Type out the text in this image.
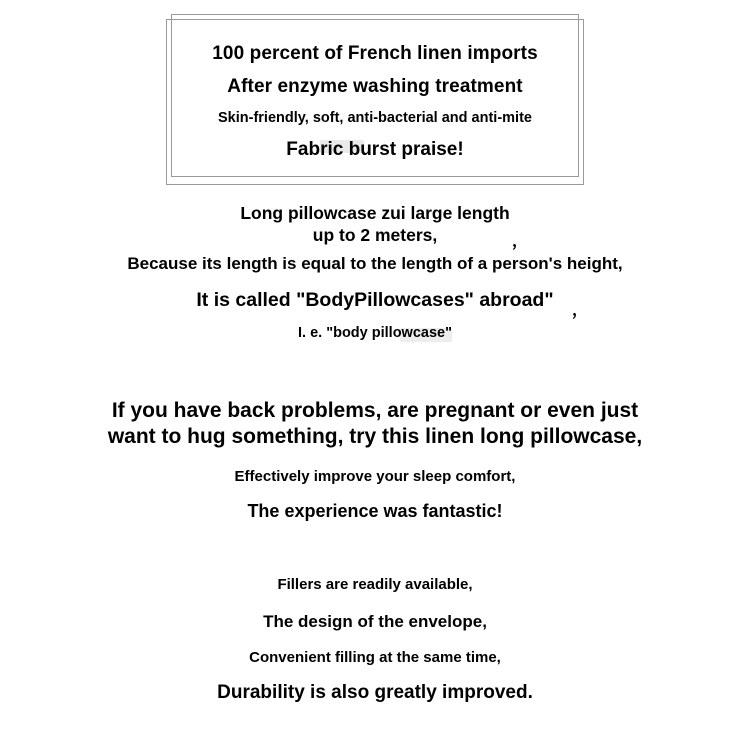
100 percent of French linen imports
After enzyme washing treatment
Skin-friendly, soft, anti-bacterial and anti-mite
Fabric burst praise!
Long pillowcase zui large length
up to 2 meters,	，
Because its length is equal to the length of a person's height,
It is called "BodyPillowcases" abroad"	，
I. e. "body pillowcase"
If you have back problems, are pregnant or even just
want to hug something, try this linen long pillowcase,
Effectively improve your sleep comfort,
The experience was fantastic!
Fillers are readily available,
The design of the envelope,
Convenient filling at the same time,
Durability is also greatly improved.
